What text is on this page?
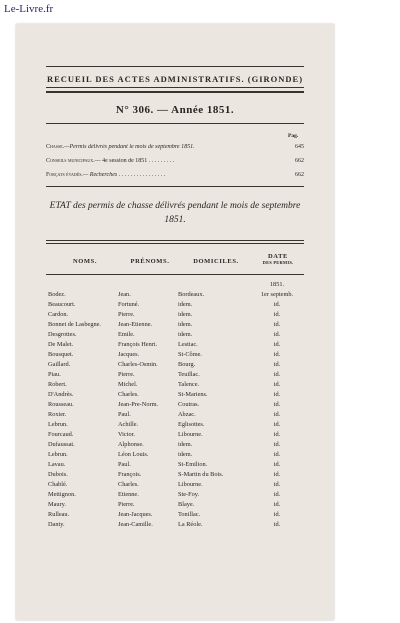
Le-Livre.fr
RECUEIL DES ACTES ADMINISTRATIFS. (GIRONDE)
N° 306. — Année 1851.
Pag.
Chasse.—Permis délivrés pendant le mois de septembre 1851.	645
Conseils municipaux.— 4e session de 1851 . . . . . . . . .	662
Forçats évadés.— Recherches . . . . . . . . . . . . . . . .	662
ETAT des permis de chasse délivrés pendant le mois de septembre 1851.
NOMS.	PRÉNOMS.	DOMICILES.
DATE
DES PERMIS.
1851.
Bodez.	Jean.	Bordeaux.	1er septemb.
Beaucourt.	Fortuné.	idem.	id.
Cardon.	Pierre.	idem.	id.
Bonnet de Lasbegne.	Jean-Etienne.	idem.	id.
Desgrottes.	Emile.	idem.	id.
De Malet.	François Henri.	Lestiac.	id.
Bousquet.	Jacques.	St-Côme.	id.
Gaillard.	Charles-Osmin.	Bourg.	id.
Piau.	Pierre.	Teuillac.	id.
Robert.	Michel.	Talence.	id.
D'Andrès.	Charles.	St-Mariens.	id.
Rousseau.	Jean-Pre-Norm.	Coutras.	id.
Roxier.	Paul.	Abzac.	id.
Lebrun.	Achille.	Eglisottes.	id.
Fourcaud.	Victor.	Libourne.	id.
Dufaussat.	Alphonse.	idem.	id.
Lebrun.	Léon Louis.	idem.	id.
Lavau.	Paul.	St-Emilion.	id.
Dubois.	François.	S-Martin du Bois.	id.
Chablé.	Charles.	Libourne.	id.
Mettignon.	Etienne.	Ste-Foy.	id.
Maury.	Pierre.	Blaye.	id.
Rulleau.	Jean-Jacques.	Tonillac.	id.
Danty.	Jean-Camille.	La Réole.	id.
